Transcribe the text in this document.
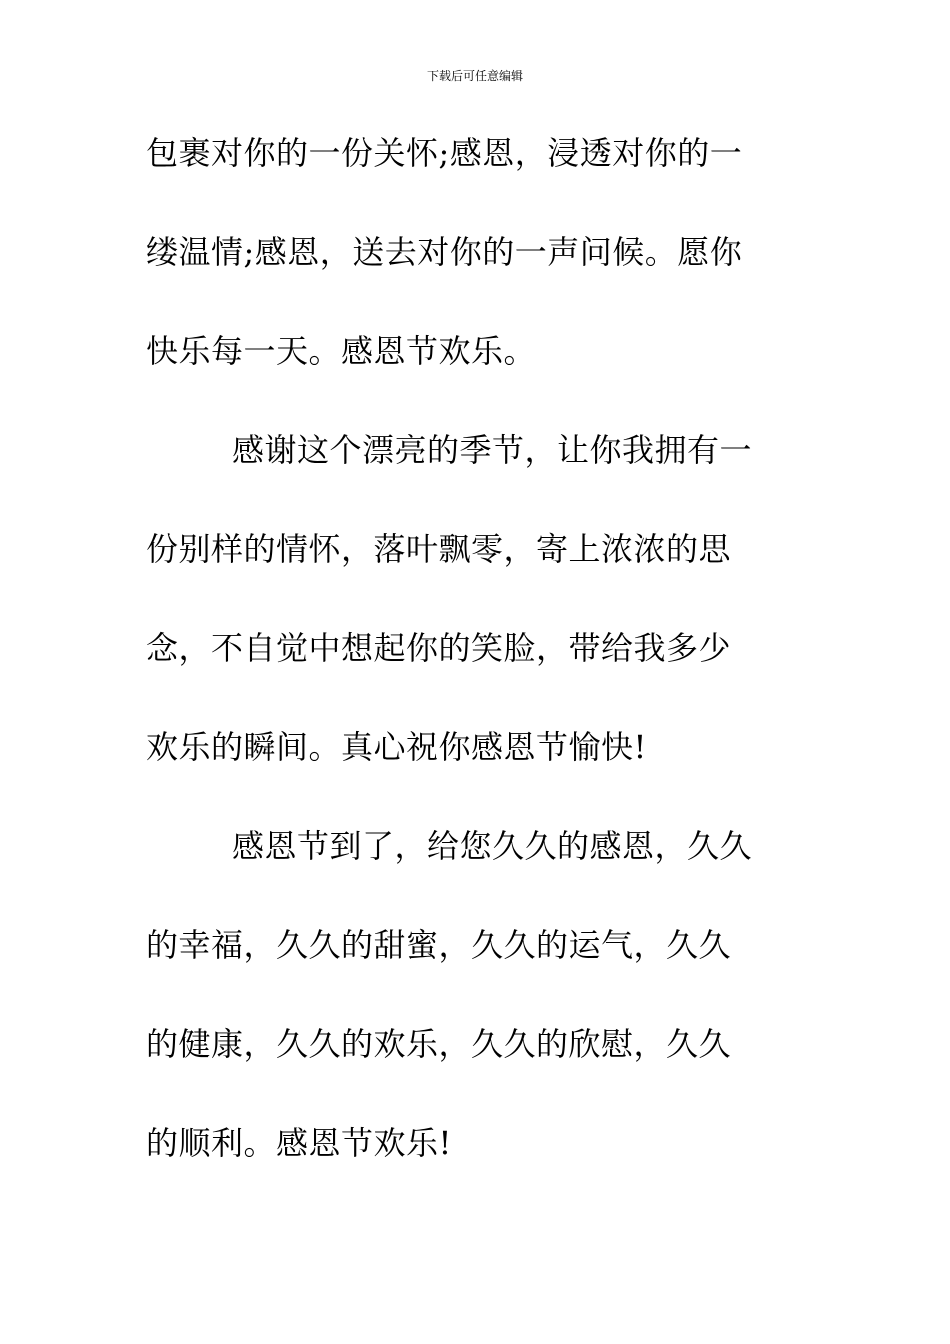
下载后可任意编辑
包裹对你的一份关怀;感恩，浸透对你的一
缕温情;感恩，送去对你的一声问候。愿你
快乐每一天。感恩节欢乐。
感谢这个漂亮的季节，让你我拥有一
份别样的情怀，落叶飘零，寄上浓浓的思
念，不自觉中想起你的笑脸，带给我多少
欢乐的瞬间。真心祝你感恩节愉快!
感恩节到了，给您久久的感恩，久久
的幸福，久久的甜蜜，久久的运气，久久
的健康，久久的欢乐，久久的欣慰，久久
的顺利。感恩节欢乐!
